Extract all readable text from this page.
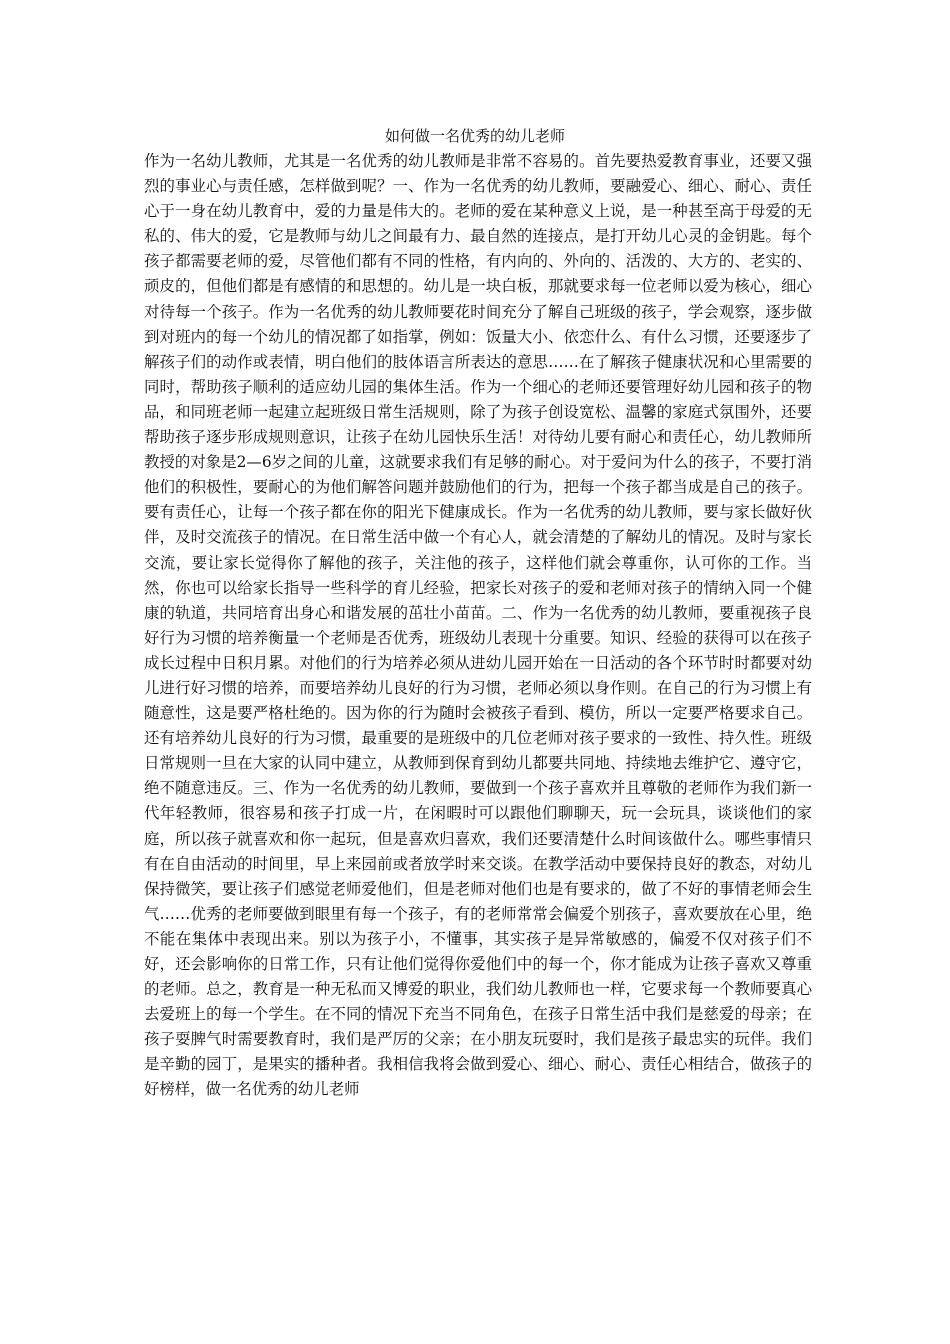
如何做一名优秀的幼儿老师

作为一名幼儿教师，尤其是一名优秀的幼儿教师是非常不容易的。首先要热爱教育事业，还要又强烈的事业心与责任感，怎样做到呢？一、作为一名优秀的幼儿教师，要融爱心、细心、耐心、责任心于一身在幼儿教育中，爱的力量是伟大的。老师的爱在某种意义上说，是一种甚至高于母爱的无私的、伟大的爱，它是教师与幼儿之间最有力、最自然的连接点，是打开幼儿心灵的金钥匙。每个孩子都需要老师的爱，尽管他们都有不同的性格，有内向的、外向的、活泼的、大方的、老实的、顽皮的，但他们都是有感情的和思想的。幼儿是一块白板，那就要求每一位老师以爱为核心，细心对待每一个孩子。作为一名优秀的幼儿教师要花时间充分了解自己班级的孩子，学会观察，逐步做到对班内的每一个幼儿的情况都了如指掌，例如：饭量大小、依恋什么、有什么习惯，还要逐步了解孩子们的动作或表情，明白他们的肢体语言所表达的意思……在了解孩子健康状况和心里需要的同时，帮助孩子顺利的适应幼儿园的集体生活。作为一个细心的老师还要管理好幼儿园和孩子的物品，和同班老师一起建立起班级日常生活规则，除了为孩子创设宽松、温馨的家庭式氛围外，还要帮助孩子逐步形成规则意识，让孩子在幼儿园快乐生活！对待幼儿要有耐心和责任心，幼儿教师所教授的对象是2—6岁之间的儿童，这就要求我们有足够的耐心。对于爱问为什么的孩子，不要打消他们的积极性，要耐心的为他们解答问题并鼓励他们的行为，把每一个孩子都当成是自己的孩子。要有责任心，让每一个孩子都在你的阳光下健康成长。作为一名优秀的幼儿教师，要与家长做好伙伴，及时交流孩子的情况。在日常生活中做一个有心人，就会清楚的了解幼儿的情况。及时与家长交流，要让家长觉得你了解他的孩子，关注他的孩子，这样他们就会尊重你，认可你的工作。当然，你也可以给家长指导一些科学的育儿经验，把家长对孩子的爱和老师对孩子的情纳入同一个健康的轨道，共同培育出身心和谐发展的茁壮小苗苗。二、作为一名优秀的幼儿教师，要重视孩子良好行为习惯的培养衡量一个老师是否优秀，班级幼儿表现十分重要。知识、经验的获得可以在孩子成长过程中日积月累。对他们的行为培养必须从进幼儿园开始在一日活动的各个环节时时都要对幼儿进行好习惯的培养，而要培养幼儿良好的行为习惯，老师必须以身作则。在自己的行为习惯上有随意性，这是要严格杜绝的。因为你的行为随时会被孩子看到、模仿，所以一定要严格要求自己。还有培养幼儿良好的行为习惯，最重要的是班级中的几位老师对孩子要求的一致性、持久性。班级日常规则一旦在大家的认同中建立，从教师到保育到幼儿都要共同地、持续地去维护它、遵守它，绝不随意违反。三、作为一名优秀的幼儿教师，要做到一个孩子喜欢并且尊敬的老师作为我们新一代年轻教师，很容易和孩子打成一片，在闲暇时可以跟他们聊聊天，玩一会玩具，谈谈他们的家庭，所以孩子就喜欢和你一起玩，但是喜欢归喜欢，我们还要清楚什么时间该做什么。哪些事情只有在自由活动的时间里，早上来园前或者放学时来交谈。在教学活动中要保持良好的教态，对幼儿保持微笑，要让孩子们感觉老师爱他们，但是老师对他们也是有要求的，做了不好的事情老师会生气……优秀的老师要做到眼里有每一个孩子，有的老师常常会偏爱个别孩子，喜欢要放在心里，绝不能在集体中表现出来。别以为孩子小，不懂事，其实孩子是异常敏感的，偏爱不仅对孩子们不好，还会影响你的日常工作，只有让他们觉得你爱他们中的每一个，你才能成为让孩子喜欢又尊重的老师。总之，教育是一种无私而又博爱的职业，我们幼儿教师也一样，它要求每一个教师要真心去爱班上的每一个学生。在不同的情况下充当不同角色，在孩子日常生活中我们是慈爱的母亲；在孩子耍脾气时需要教育时，我们是严厉的父亲；在小朋友玩耍时，我们是孩子最忠实的玩伴。我们是辛勤的园丁，是果实的播种者。我相信我将会做到爱心、细心、耐心、责任心相结合，做孩子的好榜样，做一名优秀的幼儿老师
